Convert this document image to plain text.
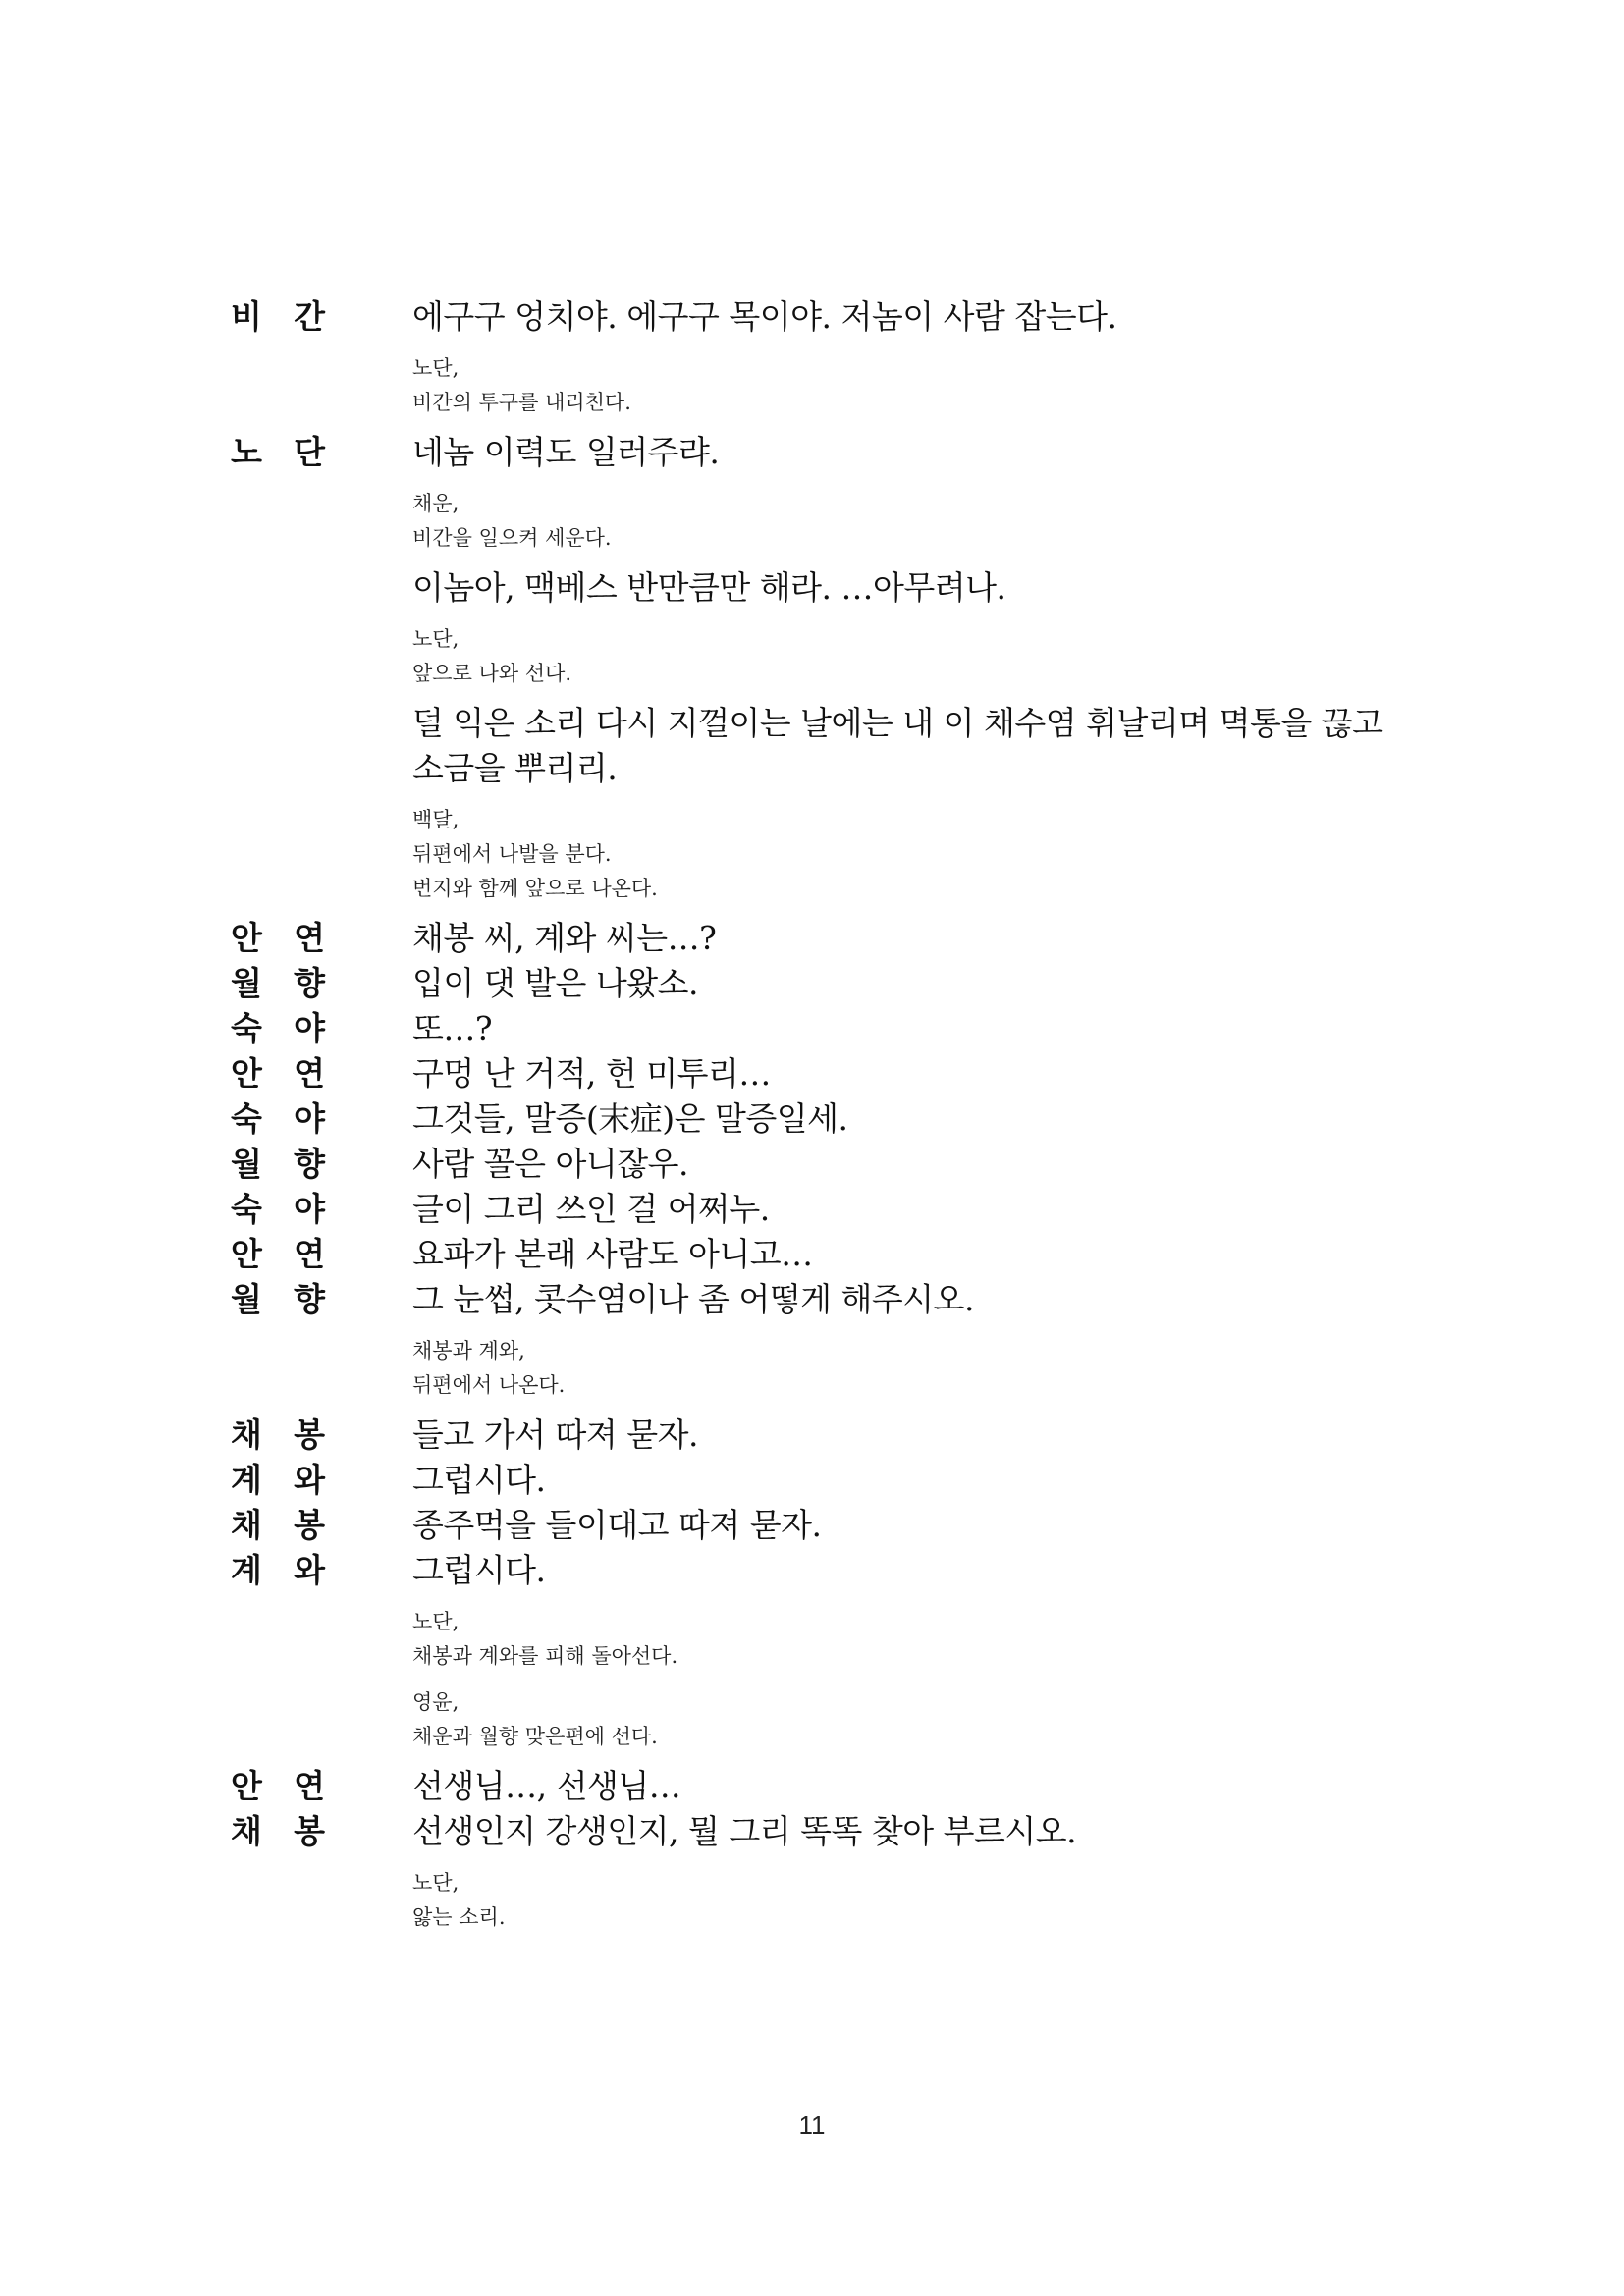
비 간	에구구 엉치야. 에구구 목이야. 저놈이 사람 잡는다.
노단,
비간의 투구를 내리친다.
노 단	네놈 이력도 일러주랴.
채운,
비간을 일으켜 세운다.
이놈아, 맥베스 반만큼만 해라. …아무려나.
노단,
앞으로 나와 선다.
덜 익은 소리 다시 지껄이는 날에는 내 이 채수염 휘날리며 멱통을 끊고 소금을 뿌리리.
백달,
뒤편에서 나발을 분다.
번지와 함께 앞으로 나온다.
안 연	채봉 씨, 계와 씨는…?
월 향	입이 댓 발은 나왔소.
숙 야	또…?
안 연	구멍 난 거적, 헌 미투리…
숙 야	그것들, 말증(末症)은 말증일세.
월 향	사람 꼴은 아니잖우.
숙 야	글이 그리 쓰인 걸 어쩌누.
안 연	요파가 본래 사람도 아니고…
월 향	그 눈썹, 콧수염이나 좀 어떻게 해주시오.
채봉과 계와,
뒤편에서 나온다.
채 봉	들고 가서 따져 묻자.
계 와	그럽시다.
채 봉	종주먹을 들이대고 따져 묻자.
계 와	그럽시다.
노단,
채봉과 계와를 피해 돌아선다.
영윤,
채운과 월향 맞은편에 선다.
안 연	선생님…, 선생님…
채 봉	선생인지 강생인지, 뭘 그리 똑똑 찾아 부르시오.
노단,
앓는 소리.
11
